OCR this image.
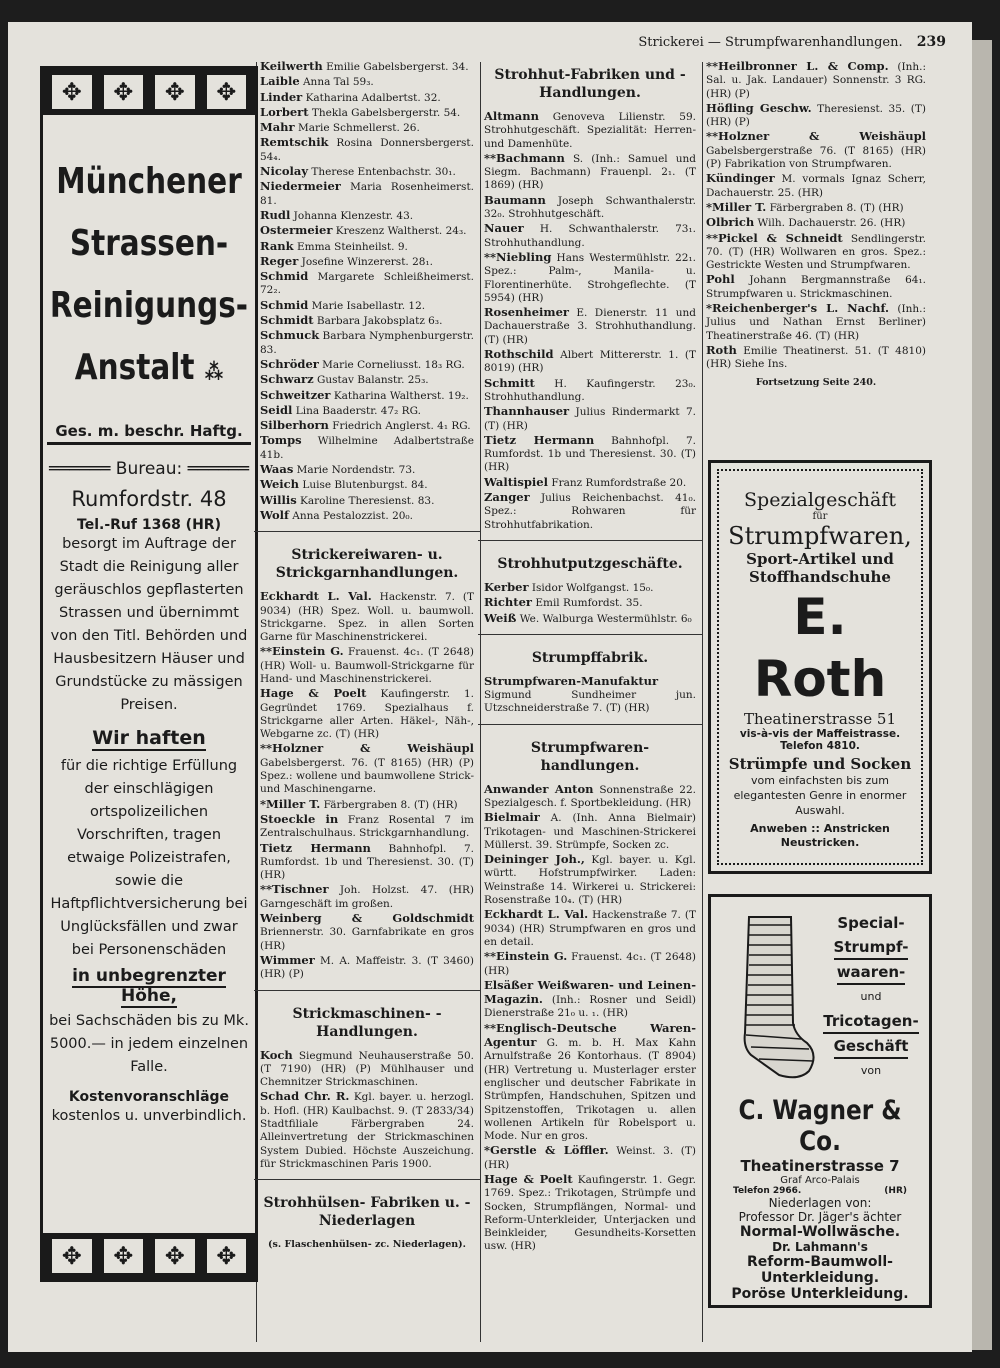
Strickerei — Strumpfwarenhandlungen. 239
✥	✥	✥	✥
Münchener
Strassen-
Reinigungs-
Anstalt ⁂
Ges. m. beschr. Haftg.
══════ Bureau: ══════
Rumfordstr. 48
Tel.-Ruf 1368 (HR)
besorgt im Auftrage der Stadt die Reinigung aller geräuschlos gepflasterten Strassen und übernimmt von den Titl. Behörden und Hausbesitzern Häuser und Grundstücke zu mässigen Preisen.
Wir haften
für die richtige Erfüllung der einschlägigen ortspolizeilichen Vorschriften, tragen etwaige Polizeistrafen, sowie die Haftpflichtversicherung bei Unglücksfällen und zwar bei Personenschäden
in unbegrenzter Höhe,
bei Sachschäden bis zu Mk. 5000.— in jedem einzelnen Falle.
Kostenvoranschläge
kostenlos u. unverbindlich.
✥	✥	✥	✥
Keilwerth Emilie Gabelsbergerst. 34.
Laible Anna Tal 59₃.
Linder Katharina Adalbertst. 32.
Lorbert Thekla Gabelsbergerstr. 54.
Mahr Marie Schmellerst. 26.
Remtschik Rosina Donnersbergerst. 54₄.
Nicolay Therese Entenbachstr. 30₁.
Niedermeier Maria Rosenheimerst. 81.
Rudl Johanna Klenzestr. 43.
Ostermeier Kreszenz Waltherst. 24₃.
Rank Emma Steinheilst. 9.
Reger Josefine Winzererst. 28₁.
Schmid Margarete Schleißheimerst. 72₂.
Schmid Marie Isabellastr. 12.
Schmidt Barbara Jakobsplatz 6₃.
Schmuck Barbara Nymphenburgerstr. 83.
Schröder Marie Corneliusst. 18₃ RG.
Schwarz Gustav Balanstr. 25₃.
Schweitzer Katharina Waltherst. 19₂.
Seidl Lina Baaderstr. 47₂ RG.
Silberhorn Friedrich Anglerst. 4₁ RG.
Tomps Wilhelmine Adalbertstraße 41b.
Waas Marie Nordendstr. 73.
Weich Luise Blutenburgst. 84.
Willis Karoline Theresienst. 83.
Wolf Anna Pestalozzist. 20₀.
Strickereiwaren- u. Strickgarnhandlungen.
Eckhardt L. Val. Hackenstr. 7. (T 9034) (HR) Spez. Woll. u. baumwoll. Strickgarne. Spez. in allen Sorten Garne für Maschinenstrickerei.
**Einstein G. Frauenst. 4c₁. (T 2648) (HR) Woll- u. Baumwoll-Strickgarne für Hand- und Maschinenstrickerei.
Hage & Poelt Kaufingerstr. 1. Gegründet 1769. Spezialhaus f. Strickgarne aller Arten. Häkel-, Näh-, Webgarne zc. (T) (HR)
**Holzner & Weishäupl Gabelsbergerst. 76. (T 8165) (HR) (P) Spez.: wollene und baumwollene Strick- und Maschinengarne.
*Miller T. Färbergraben 8. (T) (HR)
Stoeckle in Franz Rosental 7 im Zentralschulhaus. Strickgarnhandlung.
Tietz Hermann Bahnhofpl. 7. Rumfordst. 1b und Theresienst. 30. (T) (HR)
**Tischner Joh. Holzst. 47. (HR) Garngeschäft im großen.
Weinberg & Goldschmidt Briennerstr. 30. Garnfabrikate en gros (HR)
Wimmer M. A. Maffeistr. 3. (T 3460) (HR) (P)
Strickmaschinen- -Handlungen.
Koch Siegmund Neuhauserstraße 50. (T 7190) (HR) (P) Mühlhauser und Chemnitzer Strickmaschinen.
Schad Chr. R. Kgl. bayer. u. herzogl. b. Hofl. (HR) Kaulbachst. 9. (T 2833/34) Stadtfiliale Färbergraben 24. Alleinvertretung der Strickmaschinen System Dubied. Höchste Auszeichung. für Strickmaschinen Paris 1900.
Strohhülsen- Fabriken u. -Niederlagen
(s. Flaschenhülsen- zc. Niederlagen).
Strohhut-Fabriken und -Handlungen.
Altmann Genoveva Lilienstr. 59. Strohhutgeschäft. Spezialität: Herren- und Damenhüte.
**Bachmann S. (Inh.: Samuel und Siegm. Bachmann) Frauenpl. 2₁. (T 1869) (HR)
Baumann Joseph Schwanthalerstr. 32₀. Strohhutgeschäft.
Nauer H. Schwanthalerstr. 73₁. Strohhuthandlung.
**Niebling Hans Westermühlstr. 22₁. Spez.: Palm-, Manila- u. Florentinerhüte. Strohgeflechte. (T 5954) (HR)
Rosenheimer E. Dienerstr. 11 und Dachauerstraße 3. Strohhuthandlung. (T) (HR)
Rothschild Albert Mittererstr. 1. (T 8019) (HR)
Schmitt H. Kaufingerstr. 23₀. Strohhuthandlung.
Thannhauser Julius Rindermarkt 7. (T) (HR)
Tietz Hermann Bahnhofpl. 7. Rumfordst. 1b und Theresienst. 30. (T) (HR)
Waltispiel Franz Rumfordstraße 20.
Zanger Julius Reichenbachst. 41₀. Spez.: Rohwaren für Strohhutfabrikation.
Strohhutputzgeschäfte.
Kerber Isidor Wolfgangst. 15₀.
Richter Emil Rumfordst. 35.
Weiß We. Walburga Westermühlstr. 6₀
Strumpffabrik.
Strumpfwaren-Manufaktur Sigmund Sundheimer jun. Utzschneiderstraße 7. (T) (HR)
Strumpfwaren- handlungen.
Anwander Anton Sonnenstraße 22. Spezialgesch. f. Sportbekleidung. (HR)
Bielmair A. (Inh. Anna Bielmair) Trikotagen- und Maschinen-Strickerei Müllerst. 39. Strümpfe, Socken zc.
Deininger Joh., Kgl. bayer. u. Kgl. württ. Hofstrumpfwirker. Laden: Weinstraße 14. Wirkerei u. Strickerei: Rosenstraße 10₄. (T) (HR)
Eckhardt L. Val. Hackenstraße 7. (T 9034) (HR) Strumpfwaren en gros und en detail.
**Einstein G. Frauenst. 4c₁. (T 2648)(HR)
Elsäßer Weißwaren- und Leinen-Magazin. (Inh.: Rosner und Seidl) Dienerstraße 21₀ u. ₁. (HR)
**Englisch-Deutsche Waren-Agentur G. m. b. H. Max Kahn Arnulfstraße 26 Kontorhaus. (T 8904) (HR) Vertretung u. Musterlager erster englischer und deutscher Fabrikate in Strümpfen, Handschuhen, Spitzen und Spitzenstoffen, Trikotagen u. allen wollenen Artikeln für Robelsport u. Mode. Nur en gros.
*Gerstle & Löffler. Weinst. 3. (T) (HR)
Hage & Poelt Kaufingerstr. 1. Gegr. 1769. Spez.: Trikotagen, Strümpfe und Socken, Strumpflängen, Normal- und Reform-Unterkleider, Unterjacken und Beinkleider, Gesundheits-Korsetten usw. (HR)
**Heilbronner L. & Comp. (Inh.: Sal. u. Jak. Landauer) Sonnenstr. 3 RG. (HR) (P)
Höfling Geschw. Theresienst. 35. (T) (HR) (P)
**Holzner & Weishäupl Gabelsbergerstraße 76. (T 8165) (HR) (P) Fabrikation von Strumpfwaren.
Kündinger M. vormals Ignaz Scherr, Dachauerstr. 25. (HR)
*Miller T. Färbergraben 8. (T) (HR)
Olbrich Wilh. Dachauerstr. 26. (HR)
**Pickel & Schneidt Sendlingerstr. 70. (T) (HR) Wollwaren en gros. Spez.: Gestrickte Westen und Strumpfwaren.
Pohl Johann Bergmannstraße 64₁. Strumpfwaren u. Strickmaschinen.
*Reichenberger's L. Nachf. (Inh.: Julius und Nathan Ernst Berliner) Theatinerstraße 46. (T) (HR)
Roth Emilie Theatinerst. 51. (T 4810) (HR) Siehe Ins.
Fortsetzung Seite 240.
Spezialgeschäft
für
Strumpfwaren,
Sport-Artikel und
Stoffhandschuhe
E. Roth
Theatinerstrasse 51
vis-à-vis der Maffeistrasse.
Telefon 4810.
Strümpfe und Socken
vom einfachsten bis zum elegantesten Genre in enormer Auswahl.
Anweben :: Anstricken Neustricken.
Special-
Strumpf-
waaren-
und
Tricotagen-
Geschäft
von
C. Wagner & Co.
Theatinerstrasse 7
Graf Arco-Palais
Telefon 2966.	(HR)
Niederlagen von:
Professor Dr. Jäger's ächter
Normal-Wollwäsche.
Dr. Lahmann's
Reform-Baumwoll-Unterkleidung.
Poröse Unterkleidung.
